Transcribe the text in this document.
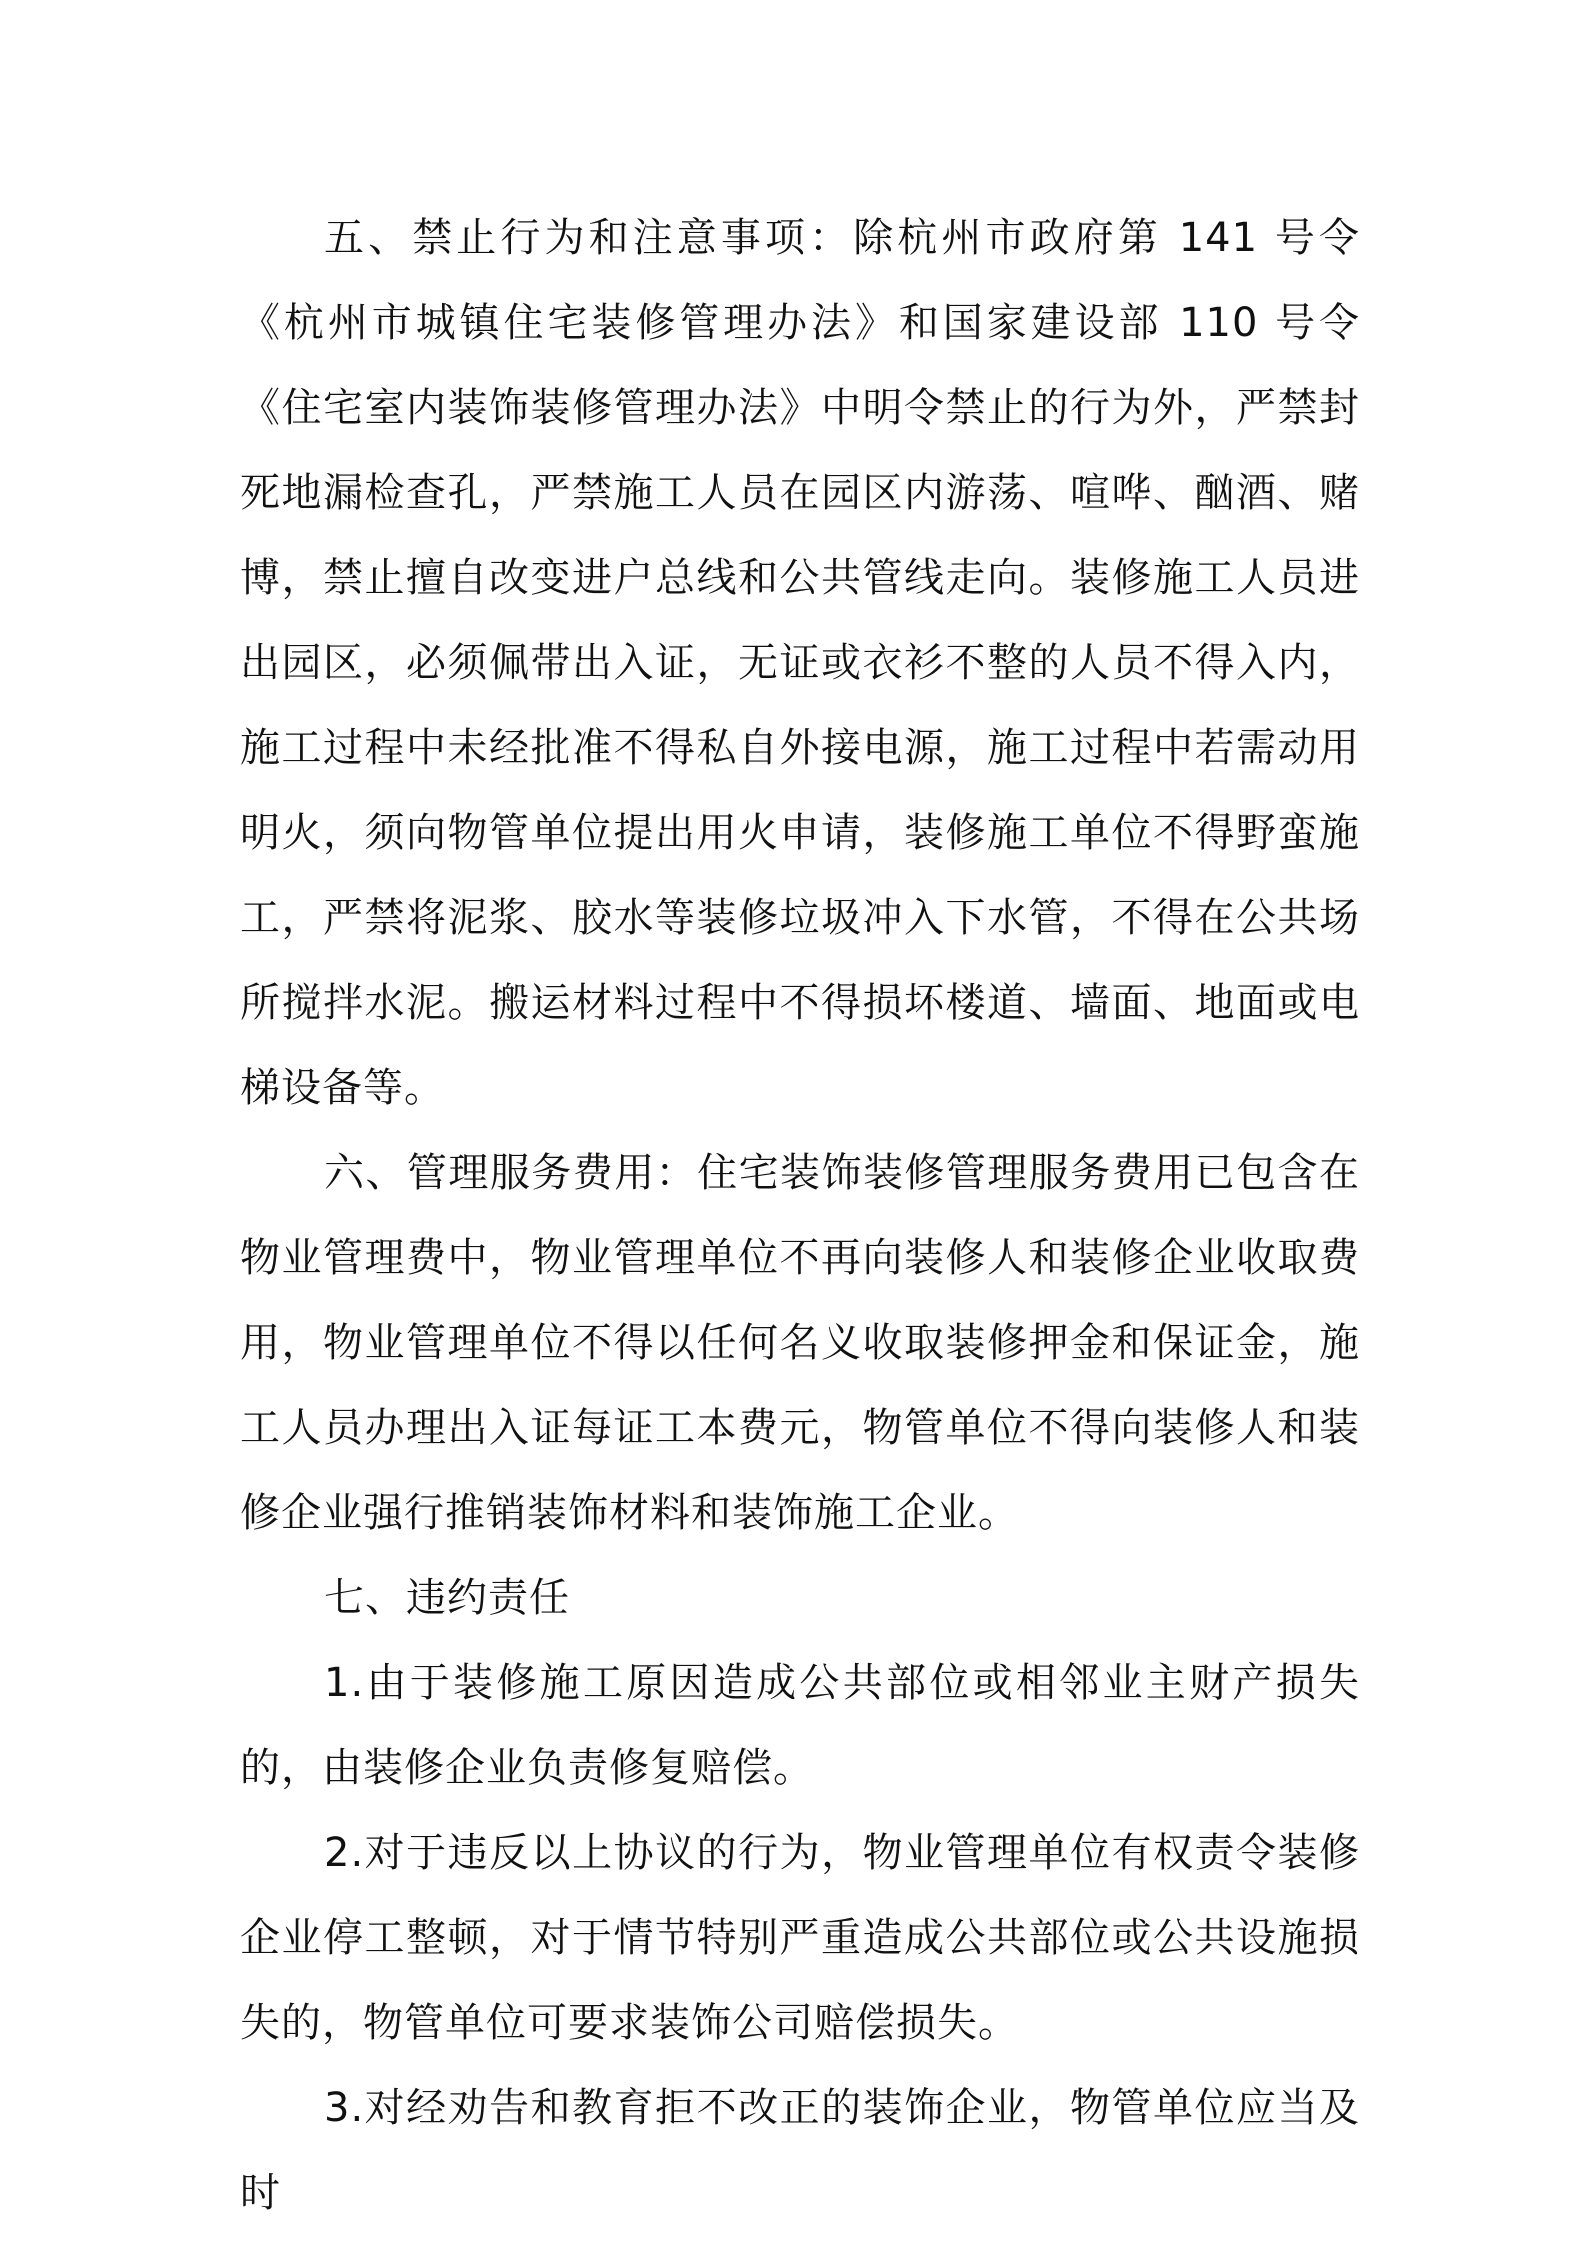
五、禁止行为和注意事项：除杭州市政府第 141 号令《杭州市城镇住宅装修管理办法》和国家建设部 110 号令《住宅室内装饰装修管理办法》中明令禁止的行为外，严禁封死地漏检查孔，严禁施工人员在园区内游荡、喧哗、酗酒、赌博，禁止擅自改变进户总线和公共管线走向。装修施工人员进出园区，必须佩带出入证，无证或衣衫不整的人员不得入内，施工过程中未经批准不得私自外接电源，施工过程中若需动用明火，须向物管单位提出用火申请，装修施工单位不得野蛮施工，严禁将泥浆、胶水等装修垃圾冲入下水管，不得在公共场所搅拌水泥。搬运材料过程中不得损坏楼道、墙面、地面或电梯设备等。

六、管理服务费用：住宅装饰装修管理服务费用已包含在物业管理费中，物业管理单位不再向装修人和装修企业收取费用，物业管理单位不得以任何名义收取装修押金和保证金，施工人员办理出入证每证工本费元，物管单位不得向装修人和装修企业强行推销装饰材料和装饰施工企业。

七、违约责任

1.由于装修施工原因造成公共部位或相邻业主财产损失的，由装修企业负责修复赔偿。

2.对于违反以上协议的行为，物业管理单位有权责令装修企业停工整顿，对于情节特别严重造成公共部位或公共设施损失的，物管单位可要求装饰公司赔偿损失。

3.对经劝告和教育拒不改正的装饰企业，物管单位应当及时
